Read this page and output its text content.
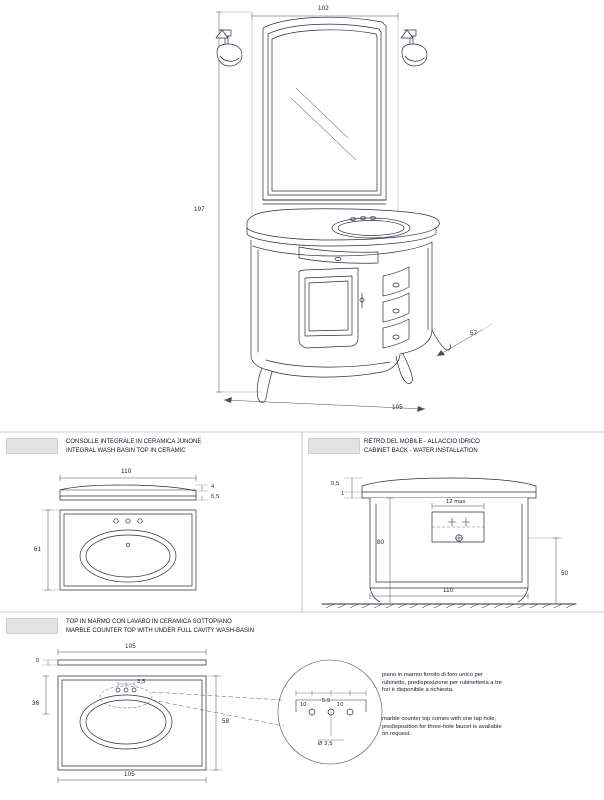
102
197
105
57
CONSOLLE INTEGRALE IN CERAMICA JUNONE
INTEGRAL WASH BASIN TOP IN CERAMIC
110
4
5,5
61
RETRO DEL MOBILE - ALLACCIO IDRICO
CABINET BACK - WATER INSTALLATION
9,5
1
12 max
80
50
110
TOP IN MARMO CON LAVABO IN CERAMICA SOTTOPIANO
MARBLE COUNTER TOP WITH UNDER FULL CAVITY WASH-BASIN
105
5
36
58
3,5
105
10	10
5,5
Ø 3,5
piano in marmo fornito di foro unico per rubinetto, predisposizione per rubinetteria a tre fori è disponibile a richiesta.
marble counter top comes with one tap hole, predisposition for three-hole faucet is available on request.
